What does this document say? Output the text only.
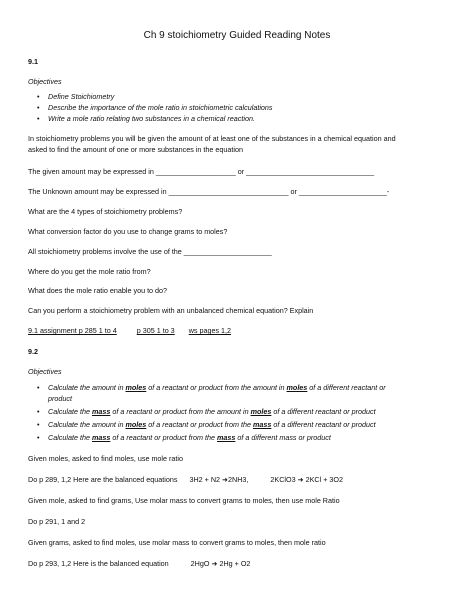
Ch 9 stoichiometry Guided Reading Notes
9.1
Objectives
• Define Stoichiometry
• Describe the importance of the mole ratio in stoichiometric calculations
• Write a mole ratio relating two substances in a chemical reaction.
In stoichiometry problems you will be given the amount of at least one of the substances in a chemical equation and
asked to find the amount of one or more substances in the equation
The given amount may be expressed in ____________________ or ________________________________
The Unknown amount may be expressed in ______________________________ or ______________________-
What are the 4 types of stoichiometry problems?
What conversion factor do you use to change grams to moles?
All stoichiometry problems involve the use of the ______________________
Where do you get the mole ratio from?
What does the mole ratio enable you to do?
Can you perform a stoichiometry problem with an unbalanced chemical equation? Explain
9.1 assignment p 285 1 to 4	p 305 1 to 3 ws pages 1,2
9.2
Objectives
• Calculate the amount in moles of a reactant or product from the amount in moles of a different reactant or
product
• Calculate the mass of a reactant or product from the amount in moles of a different reactant or product
• Calculate the amount in moles of a reactant or product from the mass of a different reactant or product
• Calculate the mass of a reactant or product from the mass of a different mass or product
Given moles, asked to find moles, use mole ratio
Do p 289, 1,2 Here are the balanced equations 3H2 + N2 ➜2NH3,	2KClO3 ➜ 2KCl + 3O2
Given mole, asked to find grams, Use molar mass to convert grams to moles, then use mole Ratio
Do p 291, 1 and 2
Given grams, asked to find moles, use molar mass to convert grams to moles, then mole ratio
Do p 293, 1,2 Here is the balanced equation	2HgO ➜ 2Hg + O2
